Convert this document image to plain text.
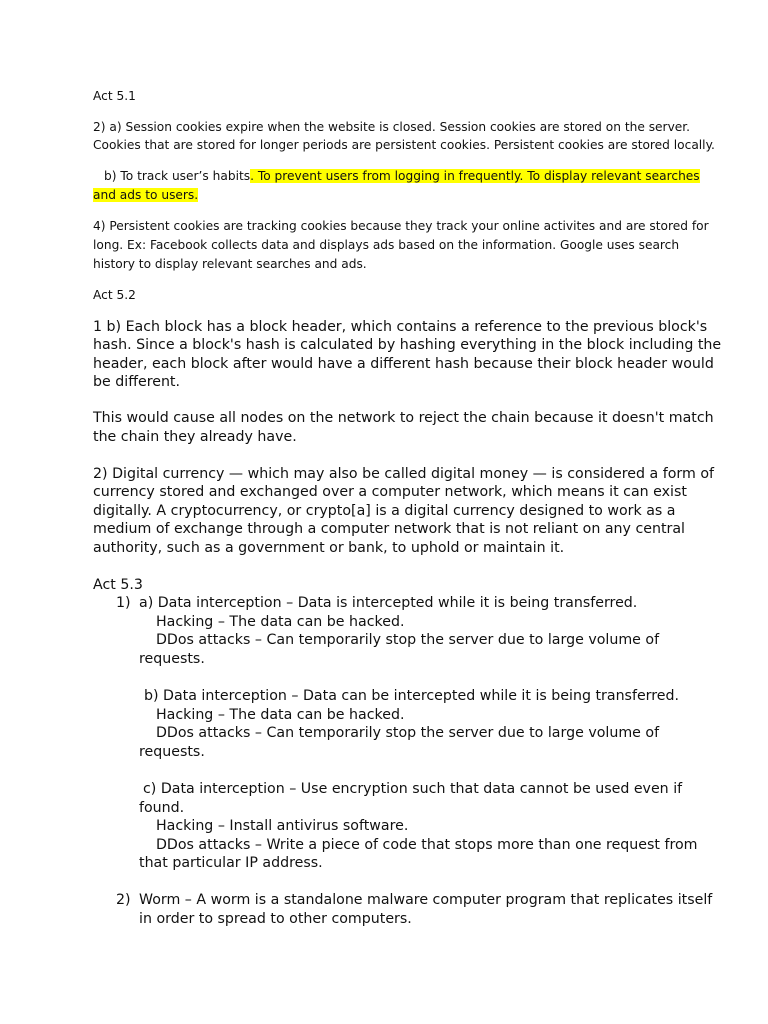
Act 5.1
2) a) Session cookies expire when the website is closed. Session cookies are stored on the server.
Cookies that are stored for longer periods are persistent cookies. Persistent cookies are stored locally.
b) To track user’s habits. To prevent users from logging in frequently. To display relevant searches
and ads to users.
4) Persistent cookies are tracking cookies because they track your online activites and are stored for
long. Ex: Facebook collects data and displays ads based on the information. Google uses search
history to display relevant searches and ads.
Act 5.2
1 b) Each block has a block header, which contains a reference to the previous block's
hash. Since a block's hash is calculated by hashing everything in the block including the
header, each block after would have a different hash because their block header would
be different.
This would cause all nodes on the network to reject the chain because it doesn't match
the chain they already have.
2) Digital currency — which may also be called digital money — is considered a form of
currency stored and exchanged over a computer network, which means it can exist
digitally. A cryptocurrency, or crypto[a] is a digital currency designed to work as a
medium of exchange through a computer network that is not reliant on any central
authority, such as a government or bank, to uphold or maintain it.
Act 5.3
1) a) Data interception – Data is intercepted while it is being transferred.
Hacking – The data can be hacked.
DDos attacks – Can temporarily stop the server due to large volume of
requests.
b) Data interception – Data can be intercepted while it is being transferred.
Hacking – The data can be hacked.
DDos attacks – Can temporarily stop the server due to large volume of
requests.
c) Data interception – Use encryption such that data cannot be used even if
found.
Hacking – Install antivirus software.
DDos attacks – Write a piece of code that stops more than one request from
that particular IP address.
2) Worm – A worm is a standalone malware computer program that replicates itself
in order to spread to other computers.
